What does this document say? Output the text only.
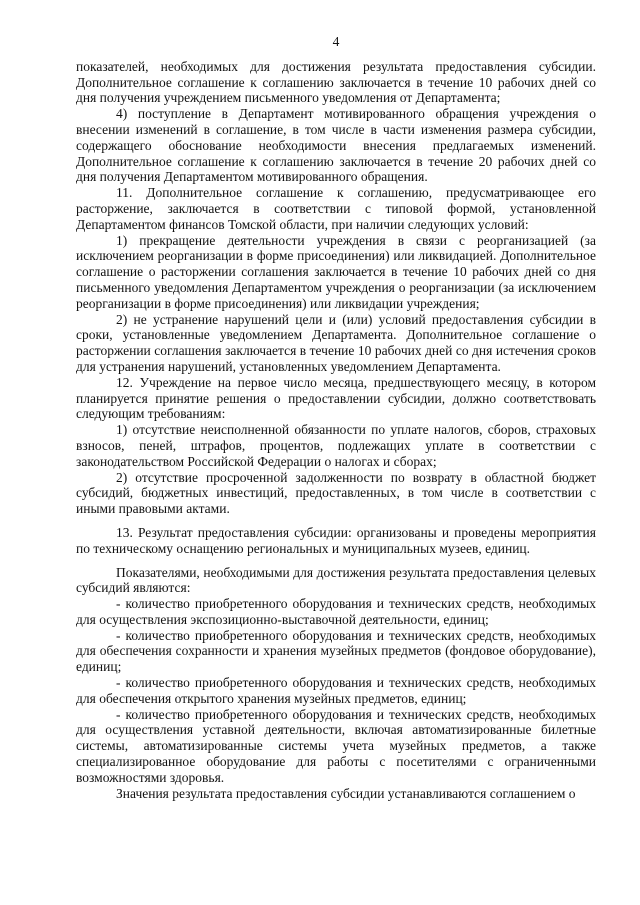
4

показателей, необходимых для достижения результата предоставления субсидии. Дополнительное соглашение к соглашению заключается в течение 10 рабочих дней со дня получения учреждением письменного уведомления от Департамента;

4) поступление в Департамент мотивированного обращения учреждения о внесении изменений в соглашение, в том числе в части изменения размера субсидии, содержащего обоснование необходимости внесения предлагаемых изменений. Дополнительное соглашение к соглашению заключается в течение 20 рабочих дней со дня получения Департаментом мотивированного обращения.

11. Дополнительное соглашение к соглашению, предусматривающее его расторжение, заключается в соответствии с типовой формой, установленной Департаментом финансов Томской области, при наличии следующих условий:

1) прекращение деятельности учреждения в связи с реорганизацией (за исключением реорганизации в форме присоединения) или ликвидацией. Дополнительное соглашение о расторжении соглашения заключается в течение 10 рабочих дней со дня письменного уведомления Департаментом учреждения о реорганизации (за исключением реорганизации в форме присоединения) или ликвидации учреждения;

2) не устранение нарушений цели и (или) условий предоставления субсидии в сроки, установленные уведомлением Департамента. Дополнительное соглашение о расторжении соглашения заключается в течение 10 рабочих дней со дня истечения сроков для устранения нарушений, установленных уведомлением Департамента.

12. Учреждение на первое число месяца, предшествующего месяцу, в котором планируется принятие решения о предоставлении субсидии, должно соответствовать следующим требованиям:

1) отсутствие неисполненной обязанности по уплате налогов, сборов, страховых взносов, пеней, штрафов, процентов, подлежащих уплате в соответствии с законодательством Российской Федерации о налогах и сборах;

2) отсутствие просроченной задолженности по возврату в областной бюджет субсидий, бюджетных инвестиций, предоставленных, в том числе в соответствии с иными правовыми актами.

13. Результат предоставления субсидии: организованы и проведены мероприятия по техническому оснащению региональных и муниципальных музеев, единиц.

Показателями, необходимыми для достижения результата предоставления целевых субсидий являются:

- количество приобретенного оборудования и технических средств, необходимых для осуществления экспозиционно-выставочной деятельности, единиц;

- количество приобретенного оборудования и технических средств, необходимых для обеспечения сохранности и хранения музейных предметов (фондовое оборудование), единиц;

- количество приобретенного оборудования и технических средств, необходимых для обеспечения открытого хранения музейных предметов, единиц;

- количество приобретенного оборудования и технических средств, необходимых для осуществления уставной деятельности, включая автоматизированные билетные системы, автоматизированные системы учета музейных предметов, а также специализированное оборудование для работы с посетителями с ограниченными возможностями здоровья.

Значения результата предоставления субсидии устанавливаются соглашением о
